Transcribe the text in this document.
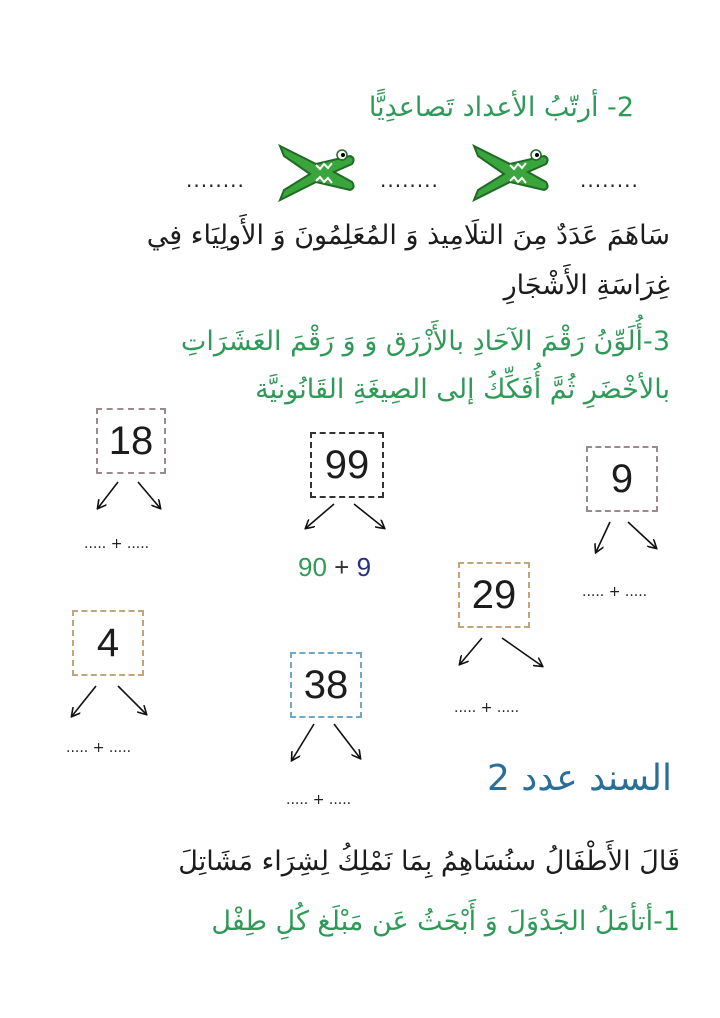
2- أرتّبُ الأعداد تَصاعدِيًّا
........	........	........
سَاهَمَ عَدَدٌ مِنَ التلَامِيذ وَ المُعَلِمُونَ وَ الأَولِيَاء فِي
غِرَاسَةِ الأَشْجَارِ
3-أُلَوِّنُ رَقْمَ الآحَادِ بالأَزْرَق وَ وَ رَقْمَ العَشَرَاتِ
بالأخْضَرِ ثُمَّ أُفَكِّكُ إلى الصِيغَةِ القَانُونيَّة
18
99	9
29
4
38
..... + .....
90 + 9
..... + .....
..... + .....
..... + .....
..... + .....
السند عدد 2
قَالَ الأَطْفَالُ سنُسَاهِمُ بِمَا نَمْلِكُ لِشِرَاء مَشَاتِلَ
1-أتأمَلُ الجَدْوَلَ وَ أَبْحَثُ عَن مَبْلَغ كُلِ طِفْل
